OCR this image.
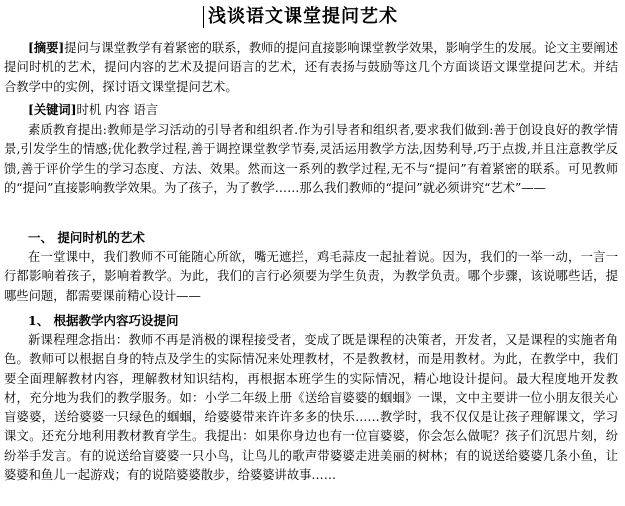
浅谈语文课堂提问艺术

[摘要]提问与课堂教学有着紧密的联系，教师的提问直接影响课堂教学效果，影响学生的发展。论文主要阐述提问时机的艺术，提问内容的艺术及提问语言的艺术，还有表扬与鼓励等这几个方面谈语文课堂提问艺术。并结合教学中的实例，探讨语文课堂提问艺术。

[关键词]时机 内容 语言

素质教育提出:教师是学习活动的引导者和组织者.作为引导者和组织者,要求我们做到:善于创设良好的教学情景,引发学生的情感;优化教学过程,善于调控课堂教学节奏,灵活运用教学方法,因势利导,巧于点拨,并且注意教学反馈,善于评价学生的学习态度、方法、效果。然而这一系列的教学过程,无不与“提问”有着紧密的联系。可见教师的“提问”直接影响教学效果。为了孩子，为了教学……那么我们教师的“提问”就必须讲究“艺术”——

一、 提问时机的艺术

在一堂课中，我们教师不可能随心所欲，嘴无遮拦，鸡毛蒜皮一起扯着说。因为，我们的一举一动，一言一行都影响着孩子，影响着教学。为此，我们的言行必须要为学生负责，为教学负责。哪个步骤，该说哪些话，提哪些问题，都需要课前精心设计——

1、 根据教学内容巧设提问

新课程理念指出：教师不再是消极的课程接受者，变成了既是课程的决策者，开发者，又是课程的实施者角色。教师可以根据自身的特点及学生的实际情况来处理教材，不是教教材，而是用教材。为此，在教学中，我们要全面理解教材内容，理解教材知识结构，再根据本班学生的实际情况，精心地设计提问。最大程度地开发教材，充分地为我们的教学服务。如：小学二年级上册《送给盲婆婆的蝈蝈》一课，文中主要讲一位小朋友很关心盲婆婆，送给婆婆一只绿色的蝈蝈，给婆婆带来许许多多的快乐……教学时，我不仅仅是让孩子理解课文，学习课文。还充分地利用教材教育学生。我提出：如果你身边也有一位盲婆婆，你会怎么做呢？孩子们沉思片刻，纷纷举手发言。有的说送给盲婆婆一只小鸟，让鸟儿的歌声带婆婆走进美丽的树林；有的说送给婆婆几条小鱼，让婆婆和鱼儿一起游戏；有的说陪婆婆散步，给婆婆讲故事……
